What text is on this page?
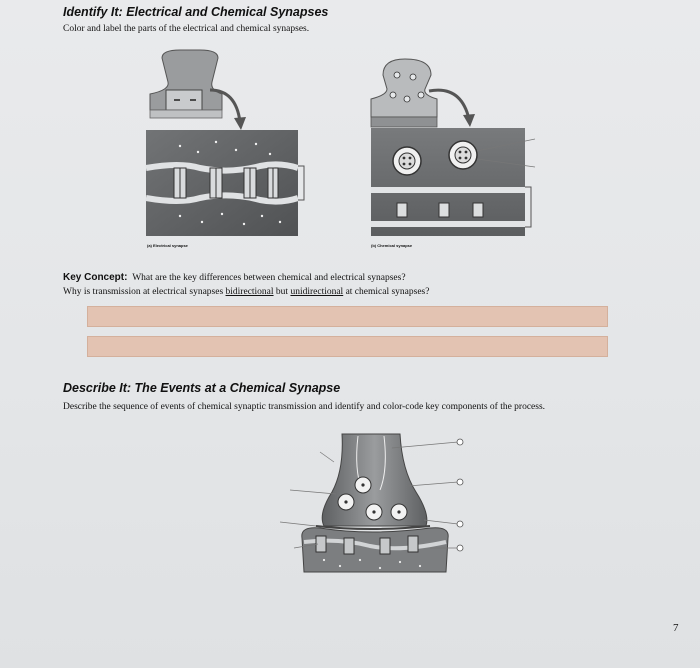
Identify It: Electrical and Chemical Synapses
Color and label the parts of the electrical and chemical synapses.
(a) Electrical synapse	(b) Chemical synapse
Key Concept: What are the key differences between chemical and electrical synapses?
Why is transmission at electrical synapses bidirectional but unidirectional at chemical synapses?
Describe It: The Events at a Chemical Synapse
Describe the sequence of events of chemical synaptic transmission and identify and color-code key components of the process.
7
